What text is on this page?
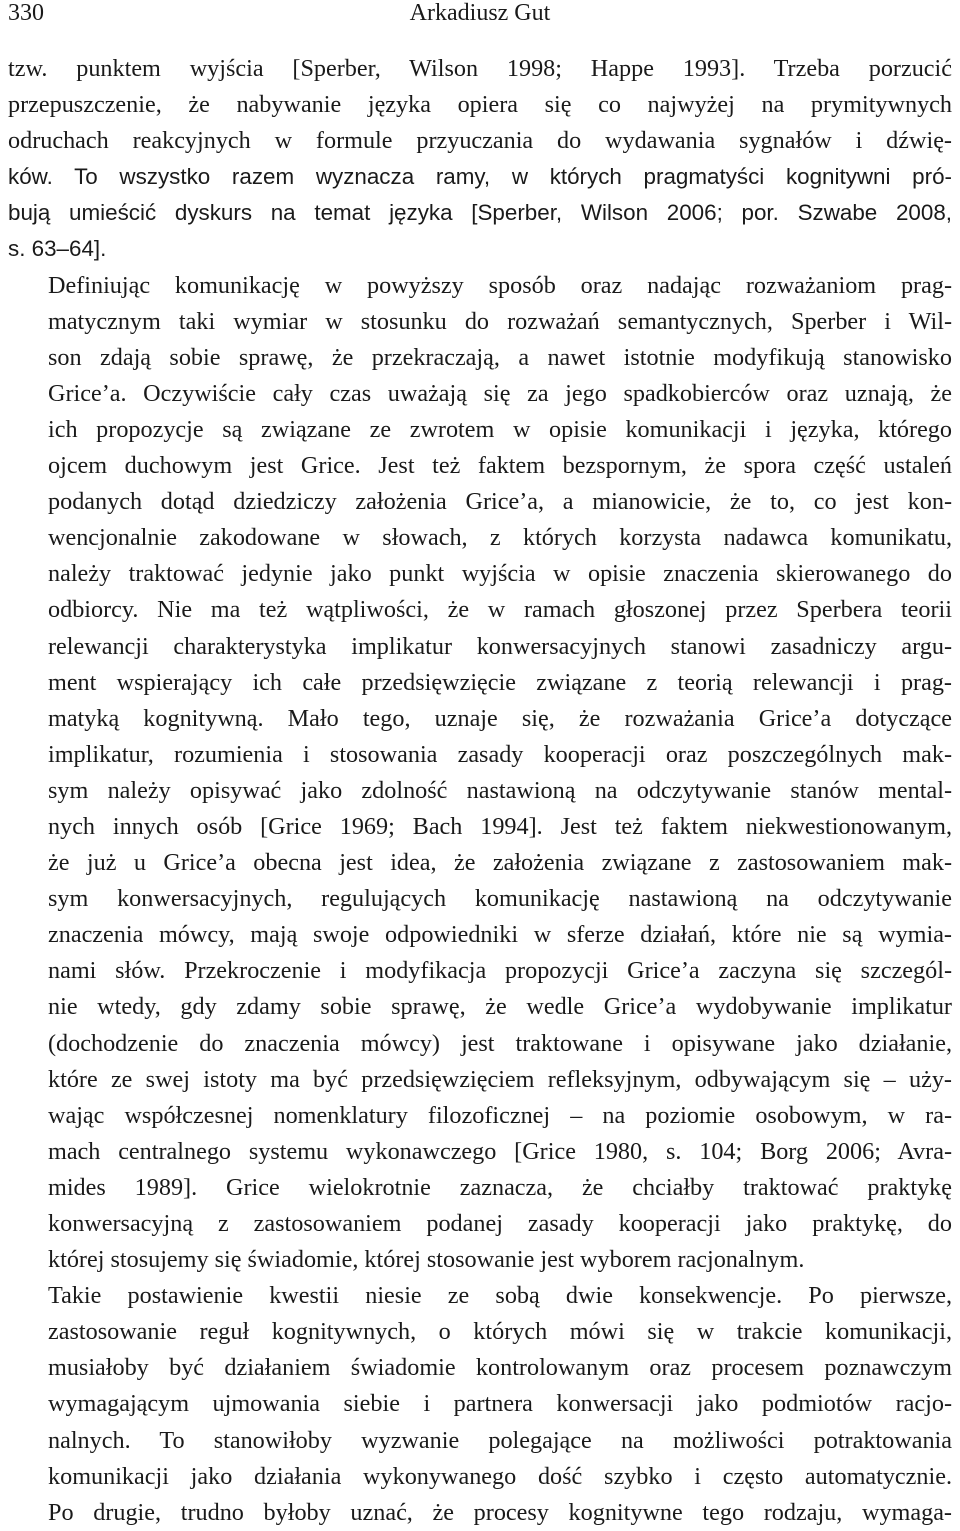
330	Arkadiusz Gut

tzw. punktem wyjścia [Sperber, Wilson 1998; Happe 1993]. Trzeba porzucić
przepuszczenie, że nabywanie języka opiera się co najwyżej na prymitywnych
odruchach reakcyjnych w formule przyuczania do wydawania sygnałów i dźwię-

ków. To wszystko razem wyznacza ramy, w których pragmatyści kognitywni pró-
bują umieścić dyskurs na temat języka [Sperber, Wilson 2006; por. Szwabe 2008,

s. 63–64].

Definiując komunikację w powyższy sposób oraz nadając rozważaniom prag-
matycznym taki wymiar w stosunku do rozważań semantycznych, Sperber i Wil-
son zdają sobie sprawę, że przekraczają, a nawet istotnie modyfikują stanowisko
Grice’a. Oczywiście cały czas uważają się za jego spadkobierców oraz uznają, że
ich propozycje są związane ze zwrotem w opisie komunikacji i języka, którego
ojcem duchowym jest Grice. Jest też faktem bezspornym, że spora część ustaleń
podanych dotąd dziedziczy założenia Grice’a, a mianowicie, że to, co jest kon-
wencjonalnie zakodowane w słowach, z których korzysta nadawca komunikatu,
należy traktować jedynie jako punkt wyjścia w opisie znaczenia skierowanego do
odbiorcy. Nie ma też wątpliwości, że w ramach głoszonej przez Sperbera teorii
relewancji charakterystyka implikatur konwersacyjnych stanowi zasadniczy argu-
ment wspierający ich całe przedsięwzięcie związane z teorią relewancji i prag-
matyką kognitywną. Mało tego, uznaje się, że rozważania Grice’a dotyczące
implikatur, rozumienia i stosowania zasady kooperacji oraz poszczególnych mak-
sym należy opisywać jako zdolność nastawioną na odczytywanie stanów mental-
nych innych osób [Grice 1969; Bach 1994]. Jest też faktem niekwestionowanym,
że już u Grice’a obecna jest idea, że założenia związane z zastosowaniem mak-
sym konwersacyjnych, regulujących komunikację nastawioną na odczytywanie
znaczenia mówcy, mają swoje odpowiedniki w sferze działań, które nie są wymia-
nami słów. Przekroczenie i modyfikacja propozycji Grice’a zaczyna się szczegól-
nie wtedy, gdy zdamy sobie sprawę, że wedle Grice’a wydobywanie implikatur
(dochodzenie do znaczenia mówcy) jest traktowane i opisywane jako działanie,
które ze swej istoty ma być przedsięwzięciem refleksyjnym, odbywającym się – uży-
wając współczesnej nomenklatury filozoficznej – na poziomie osobowym, w ra-
mach centralnego systemu wykonawczego [Grice 1980, s. 104; Borg 2006; Avra-
mides 1989]. Grice wielokrotnie zaznacza, że chciałby traktować praktykę
konwersacyjną z zastosowaniem podanej zasady kooperacji jako praktykę, do
której stosujemy się świadomie, której stosowanie jest wyborem racjonalnym.

Takie postawienie kwestii niesie ze sobą dwie konsekwencje. Po pierwsze,
zastosowanie reguł kognitywnych, o których mówi się w trakcie komunikacji,
musiałoby być działaniem świadomie kontrolowanym oraz procesem poznawczym
wymagającym ujmowania siebie i partnera konwersacji jako podmiotów racjo-
nalnych. To stanowiłoby wyzwanie polegające na możliwości potraktowania
komunikacji jako działania wykonywanego dość szybko i często automatycznie.
Po drugie, trudno byłoby uznać, że procesy kognitywne tego rodzaju, wymaga-
